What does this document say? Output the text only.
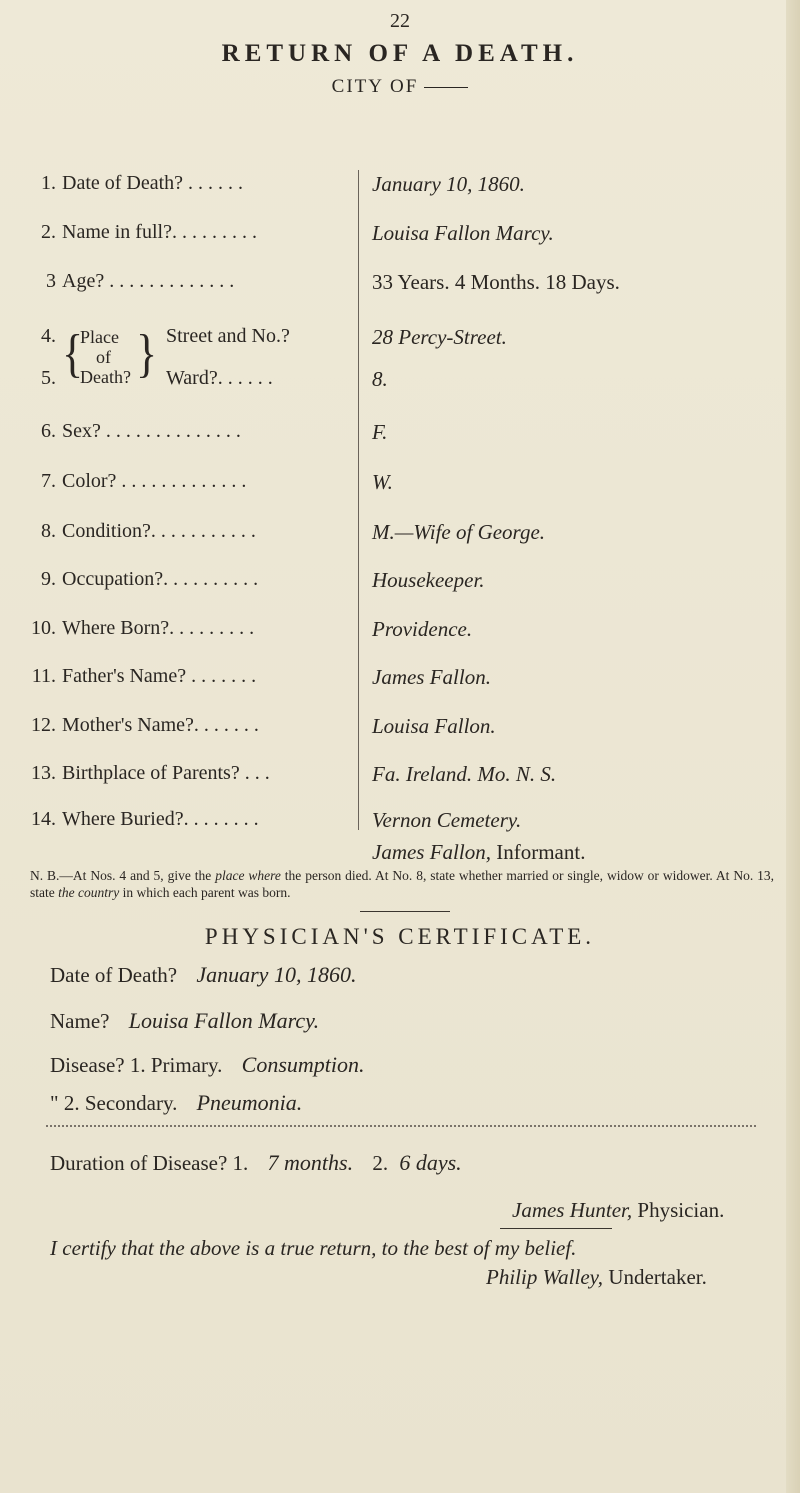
22
RETURN OF A DEATH.
CITY OF
1. Date of Death? . . . . . .	January 10, 1860.
2. Name in full?. . . . . . . . .	Louisa Fallon Marcy.
3 Age? . . . . . . . . . . . . .	33 Years. 4 Months. 18 Days.
{
Place
of
Death? }
4.	Street and No.?	28 Percy-Street.
5.	Ward?. . . . . .	8.
6. Sex? . . . . . . . . . . . . . .	F.
7. Color? . . . . . . . . . . . . .	W.
8. Condition?. . . . . . . . . . .	M.—Wife of George.
9. Occupation?. . . . . . . . . .	Housekeeper.
10. Where Born?. . . . . . . . .	Providence.
11. Father's Name? . . . . . . .	James Fallon.
12. Mother's Name?. . . . . . .	Louisa Fallon.
13. Birthplace of Parents? . . .	Fa. Ireland. Mo. N. S.
14. Where Buried?. . . . . . . .	Vernon Cemetery.
James Fallon, Informant.
N. B.—At Nos. 4 and 5, give the place where the person died. At No. 8, state whether married or single, widow or widower. At No. 13, state the country in which each parent was born.
PHYSICIAN'S CERTIFICATE.
Date of Death? January 10, 1860.
Name? Louisa Fallon Marcy.
Disease? 1. Primary. Consumption.
" 2. Secondary. Pneumonia.
Duration of Disease? 1. 7 months. 2. 6 days.
James Hunter, Physician.
I certify that the above is a true return, to the best of my belief.
Philip Walley, Undertaker.
